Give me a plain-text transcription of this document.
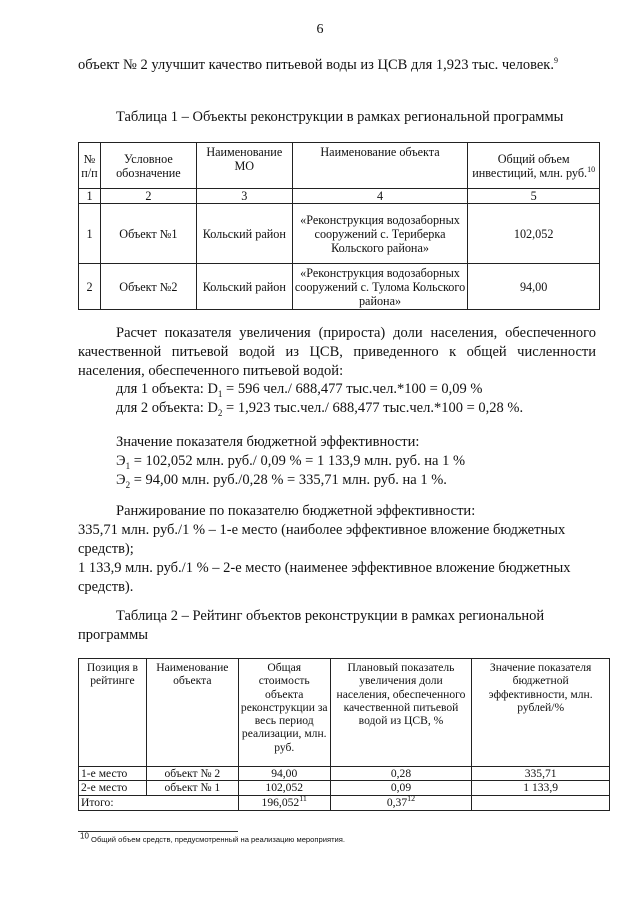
6
объект № 2 улучшит качество питьевой воды из ЦСВ для 1,923 тыс. человек.$^9$
Таблица 1 – Объекты реконструкции в рамках региональной программы
№ п/п	Условное обозначение	Наименование МО	Наименование объекта	Общий объем инвестиций, млн. руб.$^{10}$
1	2	3	4	5
1	Объект №1	Кольский район	«Реконструкция водозаборных сооружений с. Териберка Кольского района»	102,052
2	Объект №2	Кольский район	«Реконструкция водозаборных сооружений с. Тулома Кольского района»	94,00
Расчет показателя увеличения (прироста) доли населения, обеспеченного качественной питьевой водой из ЦСВ, приведенного к общей численности населения, обеспеченного питьевой водой:
для 1 объекта: $D_1 = 596$ чел./ 688,477 тыс.чел.*100 = 0,09 %
для 2 объекта: $D_2 = 1,923$ тыс.чел./ 688,477 тыс.чел.*100 = 0,28 %.
Значение показателя бюджетной эффективности:
$Э_1 = 102,052$ млн. руб./ 0,09 % = 1 133,9 млн. руб. на 1 %
$Э_2 = 94,00$ млн. руб./0,28 % = 335,71 млн. руб. на 1 %.
Ранжирование по показателю бюджетной эффективности:
335,71 млн. руб./1 % – 1-е место (наиболее эффективное вложение бюджетных средств);
1 133,9 млн. руб./1 % – 2-е место (наименее эффективное вложение бюджетных средств).
Таблица 2 – Рейтинг объектов реконструкции в рамках региональной программы
Позиция в рейтинге	Наименование объекта	Общая стоимость объекта реконструкции за весь период реализации, млн. руб.	Плановый показатель увеличения доли населения, обеспеченного качественной питьевой водой из ЦСВ, %	Значение показателя бюджетной эффективности, млн. рублей/%
1-е место	объект № 2	94,00	0,28	335,71
2-е место	объект № 1	102,052	0,09	1 133,9
Итого:		196,052$^{11}$	0,37$^{12}$	
$^{10}$ Общий объем средств, предусмотренный на реализацию мероприятия.
